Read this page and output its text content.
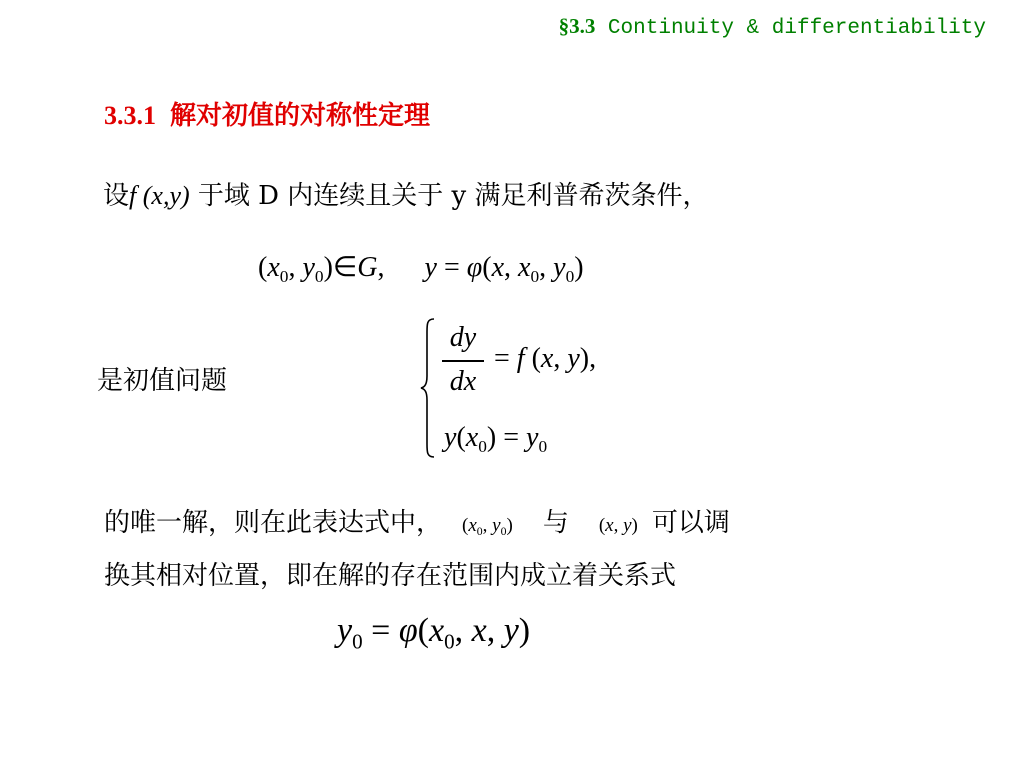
§3.3 Continuity & differentiability
3.3.1 解对初值的对称性定理
设f (x,y) 于域 D 内连续且关于 y 满足利普希茨条件，
($x_0$, $y_0)\in G$, y = φ(x, $x_0$, $y_0$)
是初值问题
dy
dx
= f (x, y),
$y(x_0) = y_0$
的唯一解，则在此表达式中， ($x_0$, $y_0$) 与 (x, y) 可以调
换其相对位置，即在解的存在范围内成立着关系式
$y_0 = \varphi(x_0$, x, y)
